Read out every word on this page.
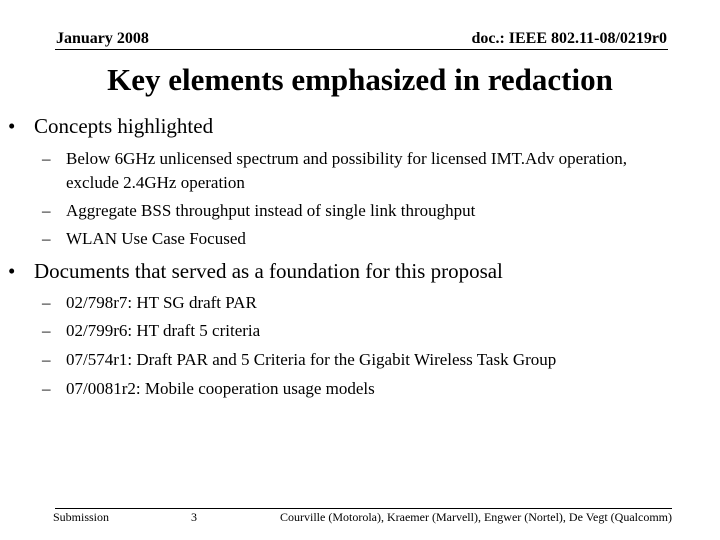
January 2008	doc.: IEEE 802.11-08/0219r0
Key elements emphasized in redaction
• Concepts highlighted
– Below 6GHz unlicensed spectrum and possibility for licensed IMT.Adv operation, exclude 2.4GHz operation
– Aggregate BSS throughput instead of single link throughput
– WLAN Use Case Focused
• Documents that served as a foundation for this proposal
– 02/798r7: HT SG draft PAR
– 02/799r6: HT draft 5 criteria
– 07/574r1: Draft PAR and 5 Criteria for the Gigabit Wireless Task Group
– 07/0081r2: Mobile cooperation usage models
Submission	3	Courville (Motorola), Kraemer (Marvell), Engwer (Nortel), De Vegt (Qualcomm)
